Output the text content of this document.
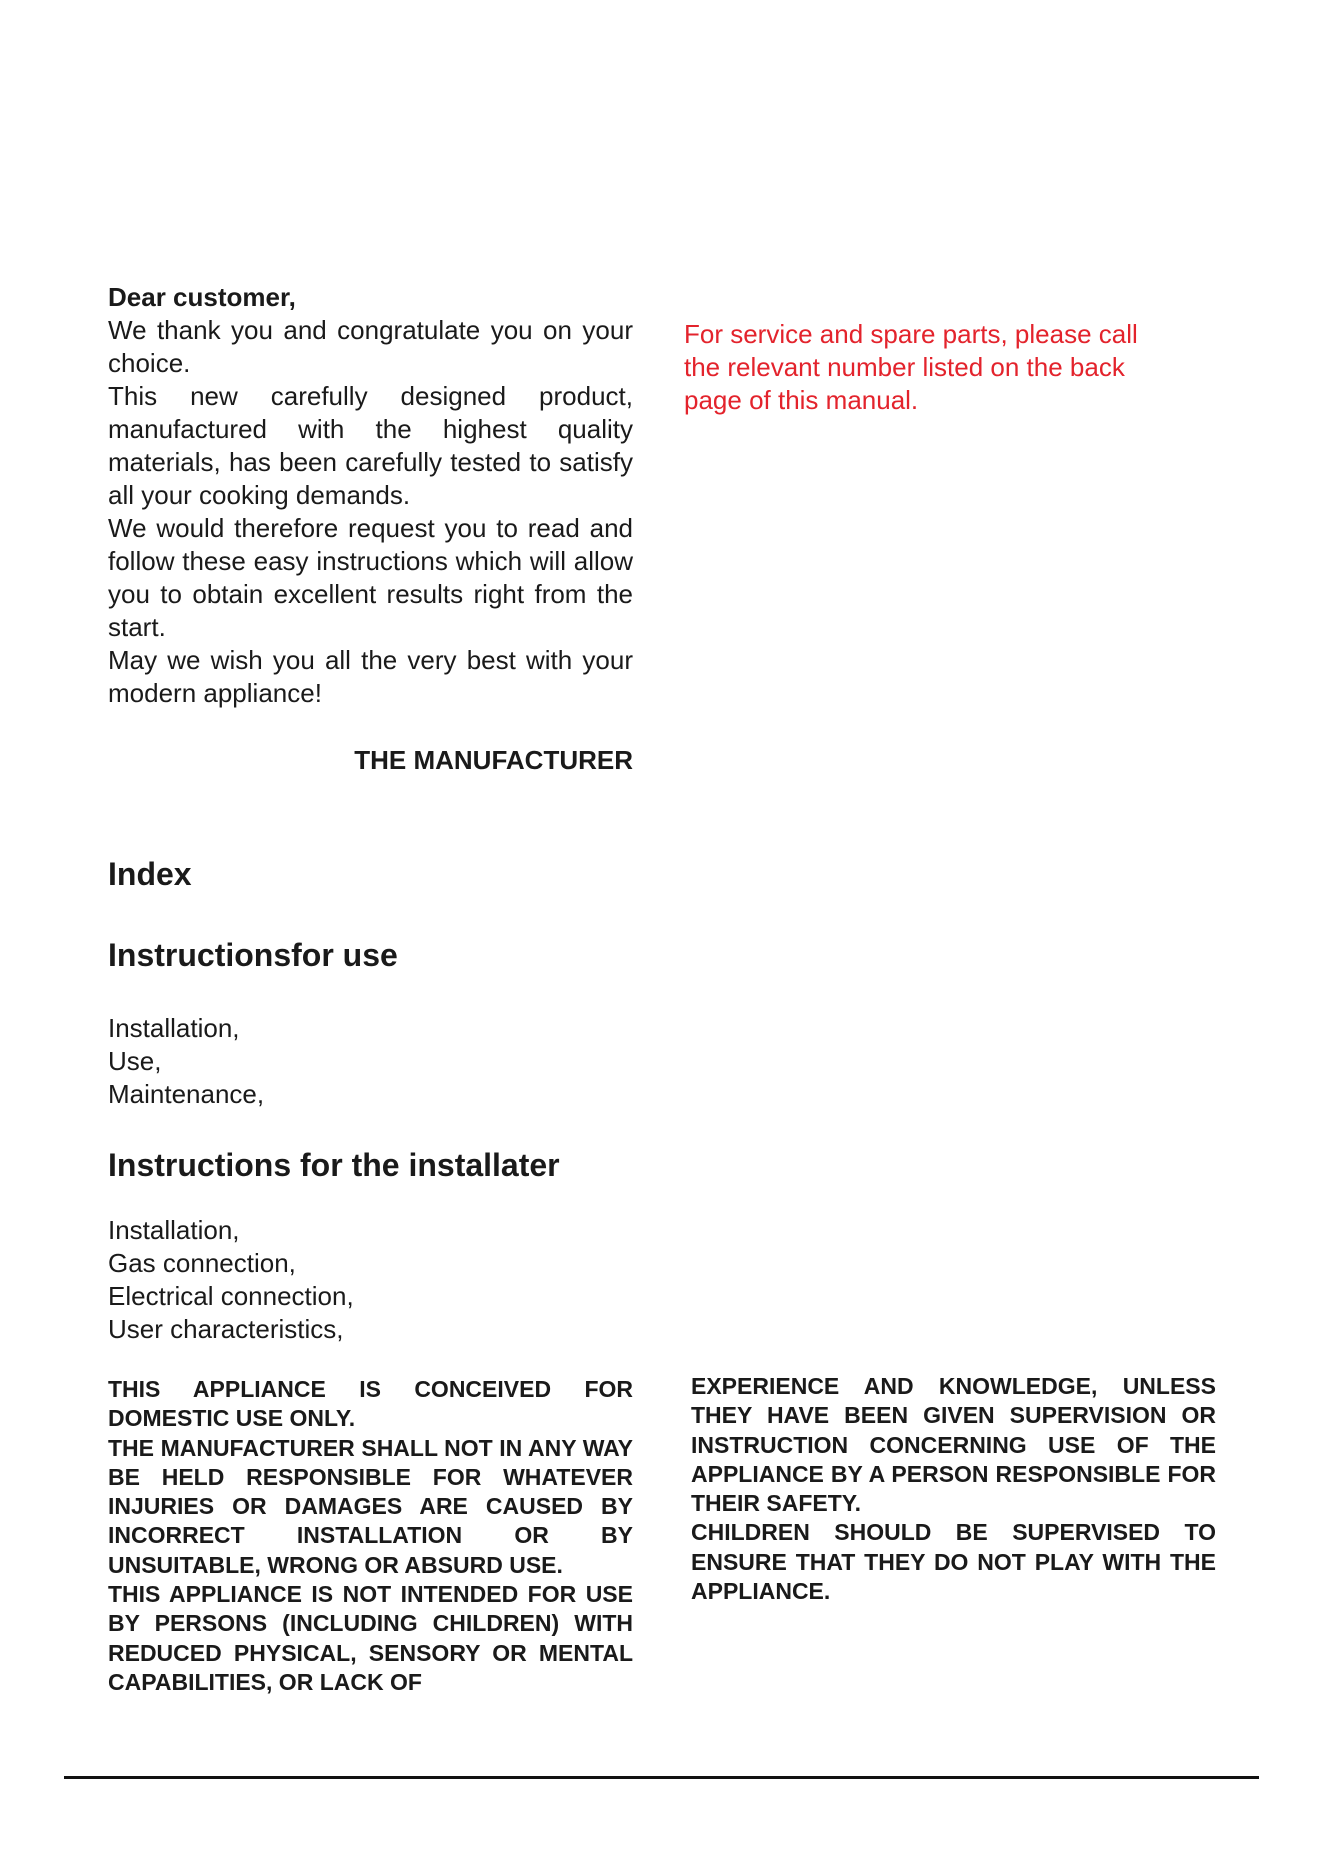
Dear customer,

We thank you and congratulate you on your choice.

This new carefully designed product, manufactured with the highest quality materials, has been carefully tested to satisfy all your cooking demands.

We would therefore request you to read and follow these easy instructions which will allow you to obtain excellent results right from the start.

May we wish you all the very best with your modern appliance!

THE MANUFACTURER
For service and spare parts, please call the relevant number listed on the back page of this manual.
Index
Instructionsfor use
Installation,
Use,
Maintenance,
Instructions for the installater
Installation,
Gas connection,
Electrical connection,
User characteristics,

THIS APPLIANCE IS CONCEIVED FOR DOMESTIC USE ONLY.

THE MANUFACTURER SHALL NOT IN ANY WAY BE HELD RESPONSIBLE FOR WHATEVER INJURIES OR DAMAGES ARE CAUSED BY INCORRECT INSTALLATION OR BY UNSUITABLE, WRONG OR ABSURD USE.

THIS APPLIANCE IS NOT INTENDED FOR USE BY PERSONS (INCLUDING CHILDREN) WITH REDUCED PHYSICAL, SENSORY OR MENTAL CAPABILITIES, OR LACK OF

EXPERIENCE AND KNOWLEDGE, UNLESS THEY HAVE BEEN GIVEN SUPERVISION OR INSTRUCTION CONCERNING USE OF THE APPLIANCE BY A PERSON RESPONSIBLE FOR THEIR SAFETY.

CHILDREN SHOULD BE SUPERVISED TO ENSURE THAT THEY DO NOT PLAY WITH THE APPLIANCE.
